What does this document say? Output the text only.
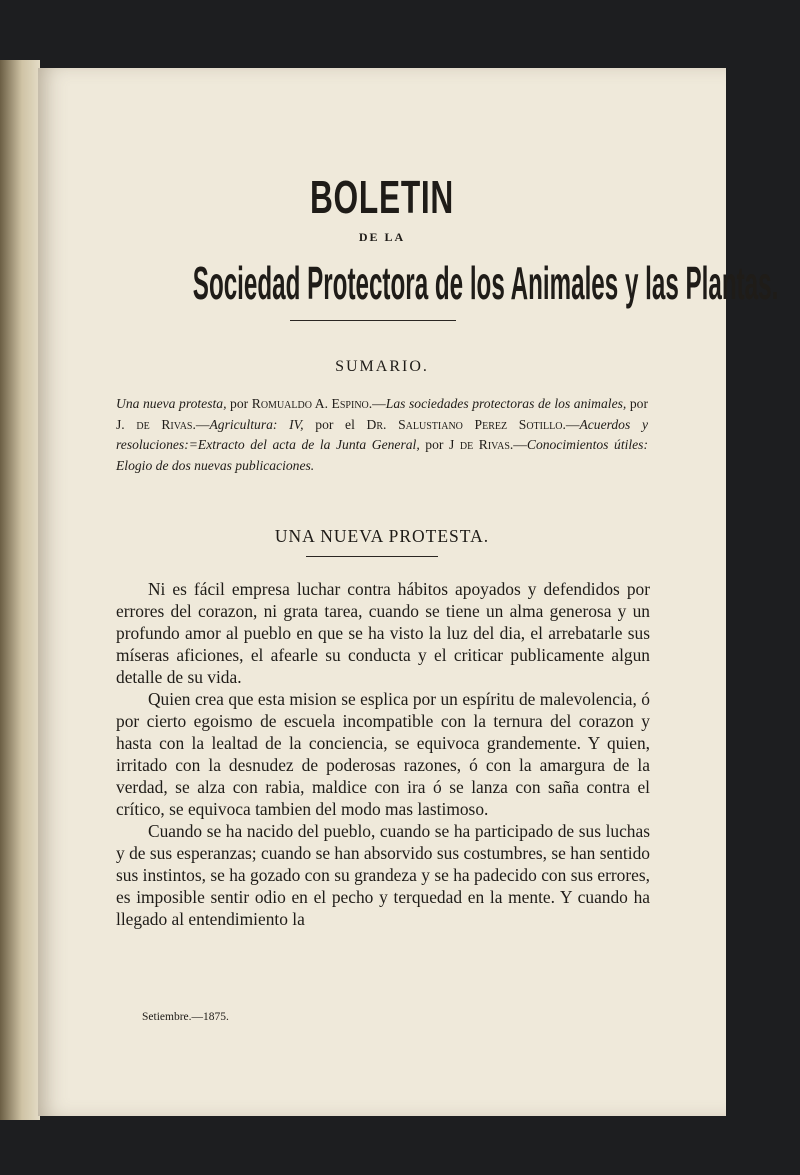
BOLETIN
DE LA
Sociedad Protectora de los Animales y las Plantas.
SUMARIO.
Una nueva protesta, por Romualdo A. Espino.—Las sociedades protectoras de los animales, por J. de Rivas.—Agricultura: IV, por el Dr. Salustiano Perez Sotillo.—Acuerdos y resoluciones:=Extracto del acta de la Junta General, por J de Rivas.—Conocimientos útiles: Elogio de dos nuevas publicaciones.
UNA NUEVA PROTESTA.

Ni es fácil empresa luchar contra hábitos apoyados y defendidos por errores del corazon, ni grata tarea, cuando se tiene un alma generosa y un profundo amor al pueblo en que se ha visto la luz del dia, el arrebatarle sus míseras aficiones, el afearle su conducta y el criticar publicamente algun detalle de su vida.

Quien crea que esta mision se esplica por un espíritu de malevolencia, ó por cierto egoismo de escuela incompatible con la ternura del corazon y hasta con la lealtad de la conciencia, se equivoca grandemente. Y quien, irritado con la desnudez de poderosas razones, ó con la amargura de la verdad, se alza con rabia, maldice con ira ó se lanza con saña contra el crítico, se equivoca tambien del modo mas lastimoso.

Cuando se ha nacido del pueblo, cuando se ha participado de sus luchas y de sus esperanzas; cuando se han absorvido sus costumbres, se han sentido sus instintos, se ha gozado con su grandeza y se ha padecido con sus errores, es imposible sentir odio en el pecho y terquedad en la mente. Y cuando ha llegado al entendimiento la

Setiembre.—1875.
